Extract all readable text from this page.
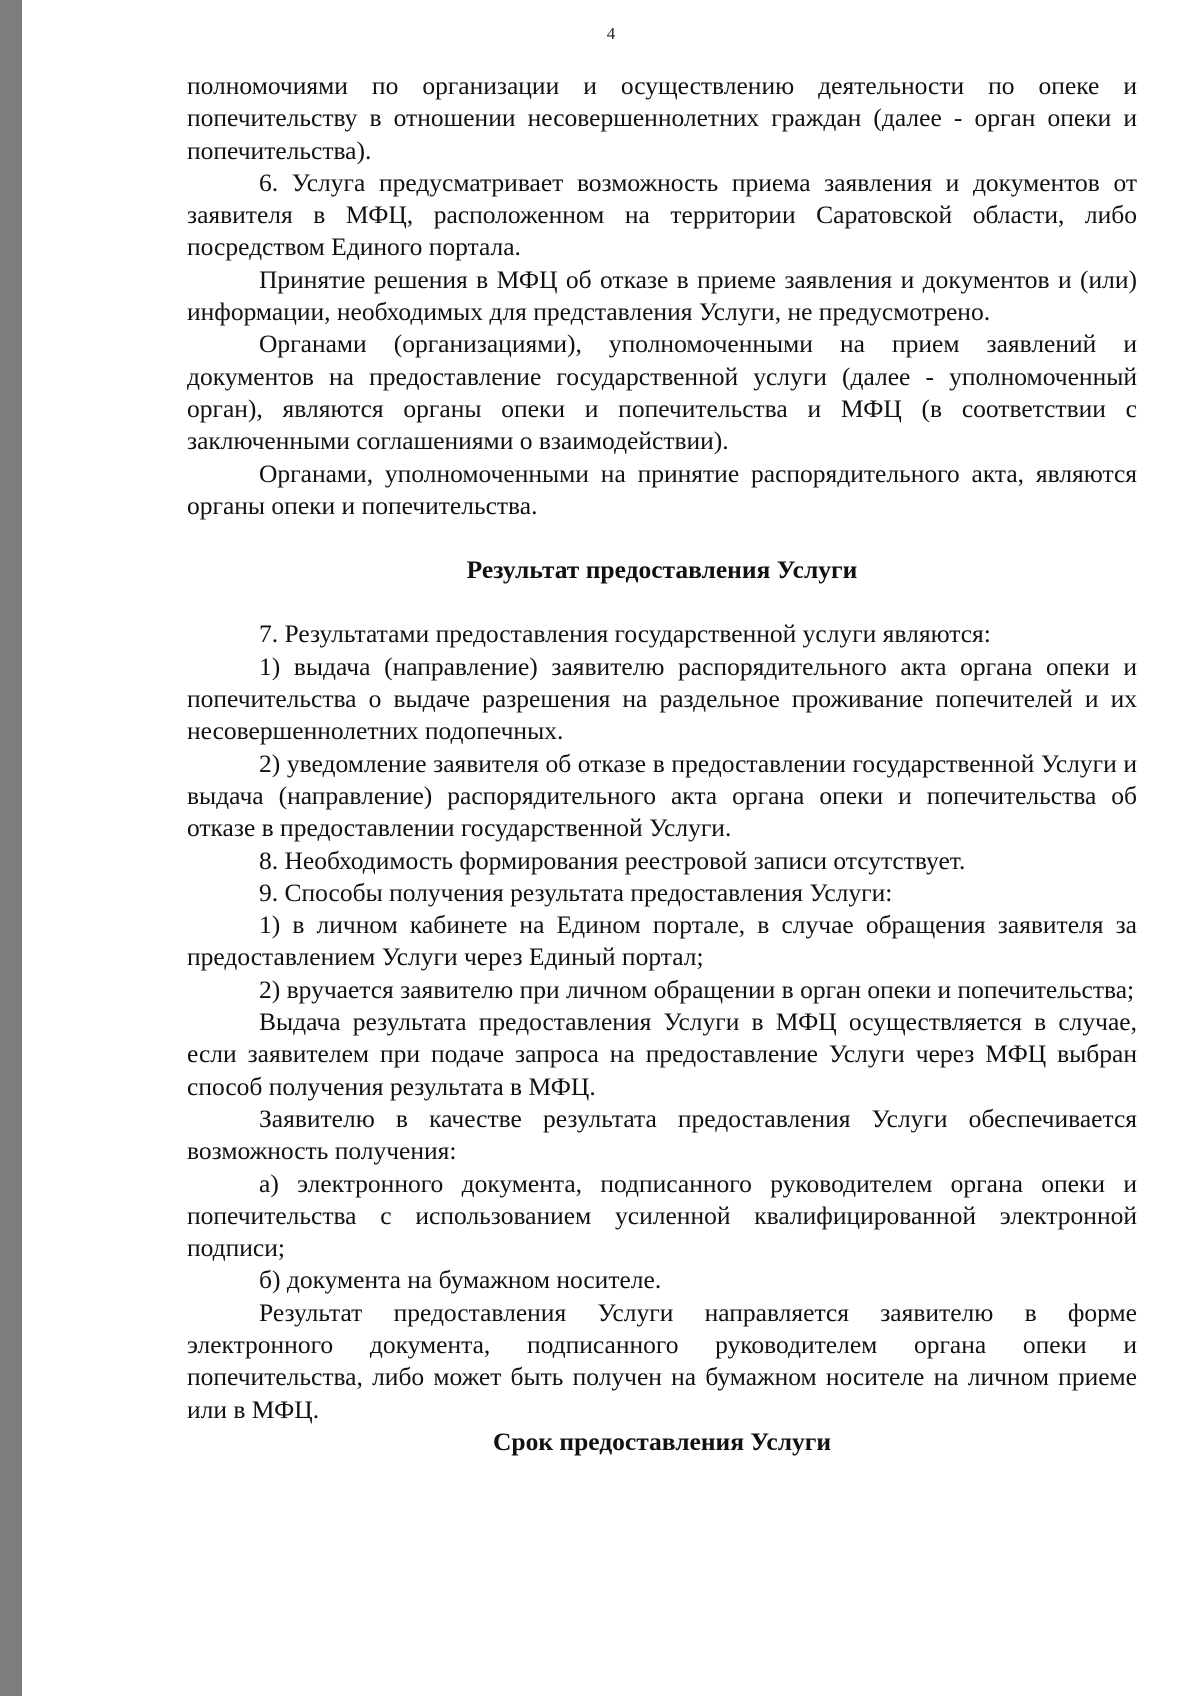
4

полномочиями по организации и осуществлению деятельности по опеке и попечительству в отношении несовершеннолетних граждан (далее - орган опеки и попечительства).

6. Услуга предусматривает возможность приема заявления и документов от заявителя в МФЦ, расположенном на территории Саратовской области, либо посредством Единого портала.

Принятие решения в МФЦ об отказе в приеме заявления и документов и (или) информации, необходимых для представления Услуги, не предусмотрено.

Органами (организациями), уполномоченными на прием заявлений и документов на предоставление государственной услуги (далее - уполномоченный орган), являются органы опеки и попечительства и МФЦ (в соответствии с заключенными соглашениями о взаимодействии).

Органами, уполномоченными на принятие распорядительного акта, являются органы опеки и попечительства.

Результат предоставления Услуги

7. Результатами предоставления государственной услуги являются:

1) выдача (направление) заявителю распорядительного акта органа опеки и попечительства о выдаче разрешения на раздельное проживание попечителей и их несовершеннолетних подопечных.

2) уведомление заявителя об отказе в предоставлении государственной Услуги и выдача (направление) распорядительного акта органа опеки и попечительства об отказе в предоставлении государственной Услуги.

8. Необходимость формирования реестровой записи отсутствует.

9. Способы получения результата предоставления Услуги:

1) в личном кабинете на Едином портале, в случае обращения заявителя за предоставлением Услуги через Единый портал;

2) вручается заявителю при личном обращении в орган опеки и попечительства;

Выдача результата предоставления Услуги в МФЦ осуществляется в случае, если заявителем при подаче запроса на предоставление Услуги через МФЦ выбран способ получения результата в МФЦ.

Заявителю в качестве результата предоставления Услуги обеспечивается возможность получения:

а) электронного документа, подписанного руководителем органа опеки и попечительства с использованием усиленной квалифицированной электронной подписи;

б) документа на бумажном носителе.

Результат предоставления Услуги направляется заявителю в форме электронного документа, подписанного руководителем органа опеки и попечительства, либо может быть получен на бумажном носителе на личном приеме или в МФЦ.

Срок предоставления Услуги
